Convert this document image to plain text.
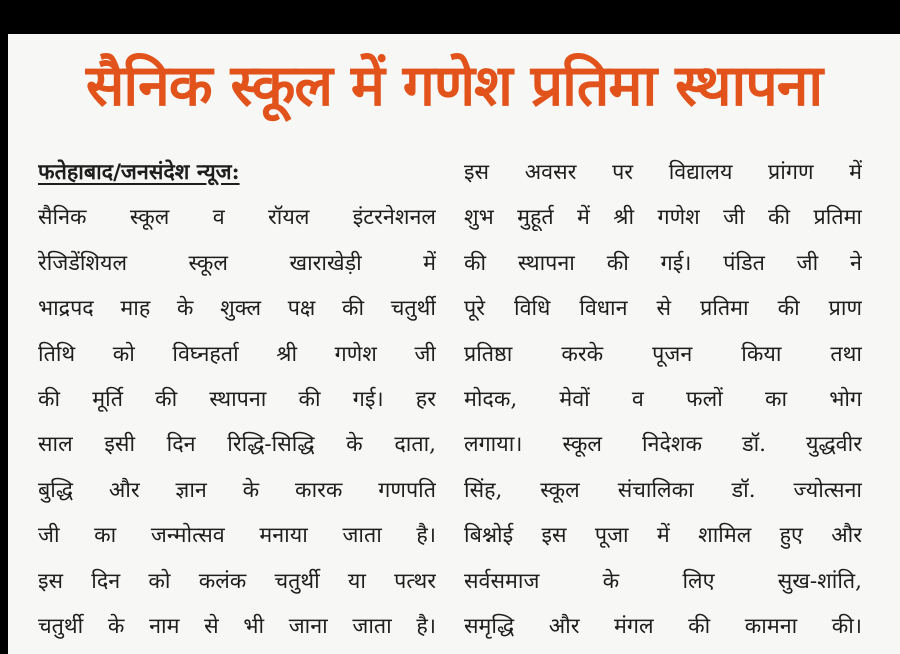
सैनिक स्कूल में गणेश प्रतिमा स्थापना
फतेहाबाद/जनसंदेश न्यूज:
सैनिक स्कूल व रॉयल इंटरनेशनल
रेजिडेंशियल स्कूल खाराखेड़ी में
भाद्रपद माह के शुक्ल पक्ष की चतुर्थी
तिथि को विघ्नहर्ता श्री गणेश जी
की मूर्ति की स्थापना की गई। हर
साल इसी दिन रिद्धि-सिद्धि के दाता,
बुद्धि और ज्ञान के कारक गणपति
जी का जन्मोत्सव मनाया जाता है।
इस दिन को कलंक चतुर्थी या पत्थर
चतुर्थी के नाम से भी जाना जाता है।
इस अवसर पर विद्यालय प्रांगण में
शुभ मुहूर्त में श्री गणेश जी की प्रतिमा
की स्थापना की गई। पंडित जी ने
पूरे विधि विधान से प्रतिमा की प्राण
प्रतिष्ठा करके पूजन किया तथा
मोदक, मेवों व फलों का भोग
लगाया। स्कूल निदेशक डॉ. युद्धवीर
सिंह, स्कूल संचालिका डॉ. ज्योत्सना
बिश्नोई इस पूजा में शामिल हुए और
सर्वसमाज के लिए सुख-शांति,
समृद्धि और मंगल की कामना की।
